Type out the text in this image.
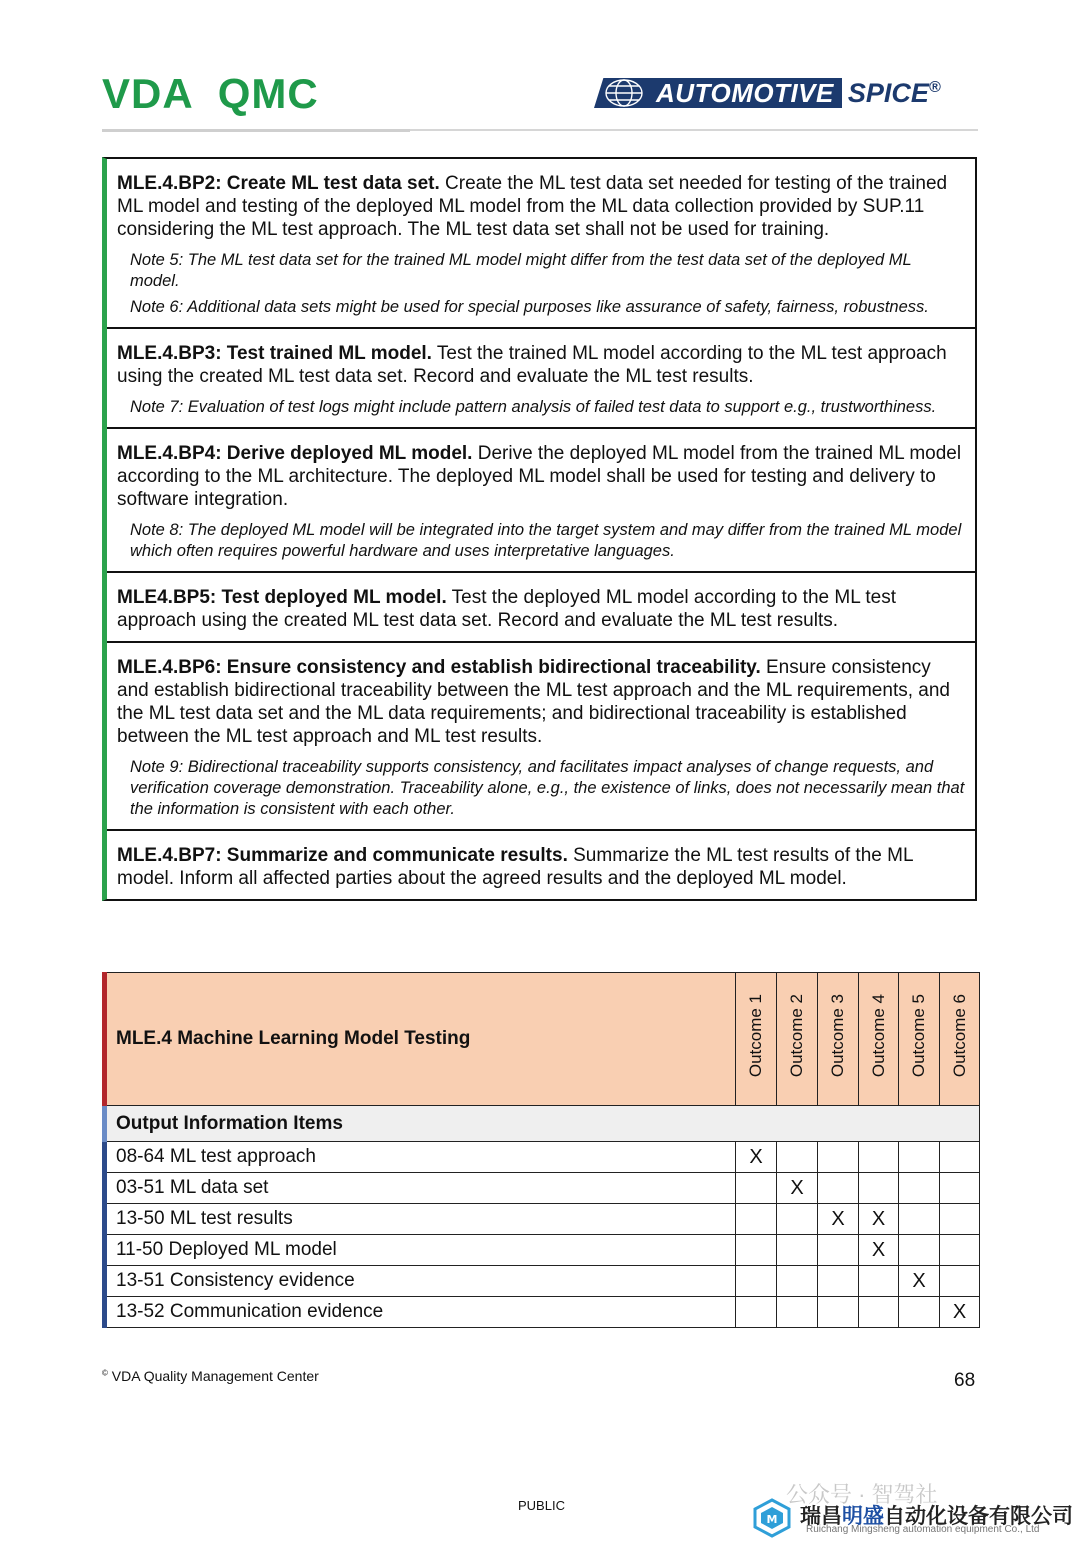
VDA QMC	AUTOMOTIVE SPICE®
MLE.4.BP2: Create ML test data set. Create the ML test data set needed for testing of the trained ML model and testing of the deployed ML model from the ML data collection provided by SUP.11 considering the ML test approach. The ML test data set shall not be used for training.
Note 5: The ML test data set for the trained ML model might differ from the test data set of the deployed ML model.
Note 6: Additional data sets might be used for special purposes like assurance of safety, fairness, robustness.
MLE.4.BP3: Test trained ML model. Test the trained ML model according to the ML test approach using the created ML test data set. Record and evaluate the ML test results.
Note 7: Evaluation of test logs might include pattern analysis of failed test data to support e.g., trustworthiness.
MLE.4.BP4: Derive deployed ML model. Derive the deployed ML model from the trained ML model according to the ML architecture. The deployed ML model shall be used for testing and delivery to software integration.
Note 8: The deployed ML model will be integrated into the target system and may differ from the trained ML model which often requires powerful hardware and uses interpretative languages.
MLE4.BP5: Test deployed ML model. Test the deployed ML model according to the ML test approach using the created ML test data set. Record and evaluate the ML test results.
MLE.4.BP6: Ensure consistency and establish bidirectional traceability. Ensure consistency and establish bidirectional traceability between the ML test approach and the ML requirements, and the ML test data set and the ML data requirements; and bidirectional traceability is established between the ML test approach and ML test results.
Note 9: Bidirectional traceability supports consistency, and facilitates impact analyses of change requests, and verification coverage demonstration. Traceability alone, e.g., the existence of links, does not necessarily mean that the information is consistent with each other.
MLE.4.BP7: Summarize and communicate results. Summarize the ML test results of the ML model. Inform all affected parties about the agreed results and the deployed ML model.
MLE.4 Machine Learning Model Testing	Outcome 1	Outcome 2	Outcome 3	Outcome 4	Outcome 5	Outcome 6
Output Information Items						
08-64 ML test approach	X					
03-51 ML data set		X				
13-50 ML test results			X	X		
11-50 Deployed ML model				X		
13-51 Consistency evidence					X	
13-52 Communication evidence						X
© VDA Quality Management Center	68
PUBLIC	公众号 · 智驾社
M 瑞昌明盛自动化设备有限公司
Ruichang Mingsheng automation equipment Co., Ltd
